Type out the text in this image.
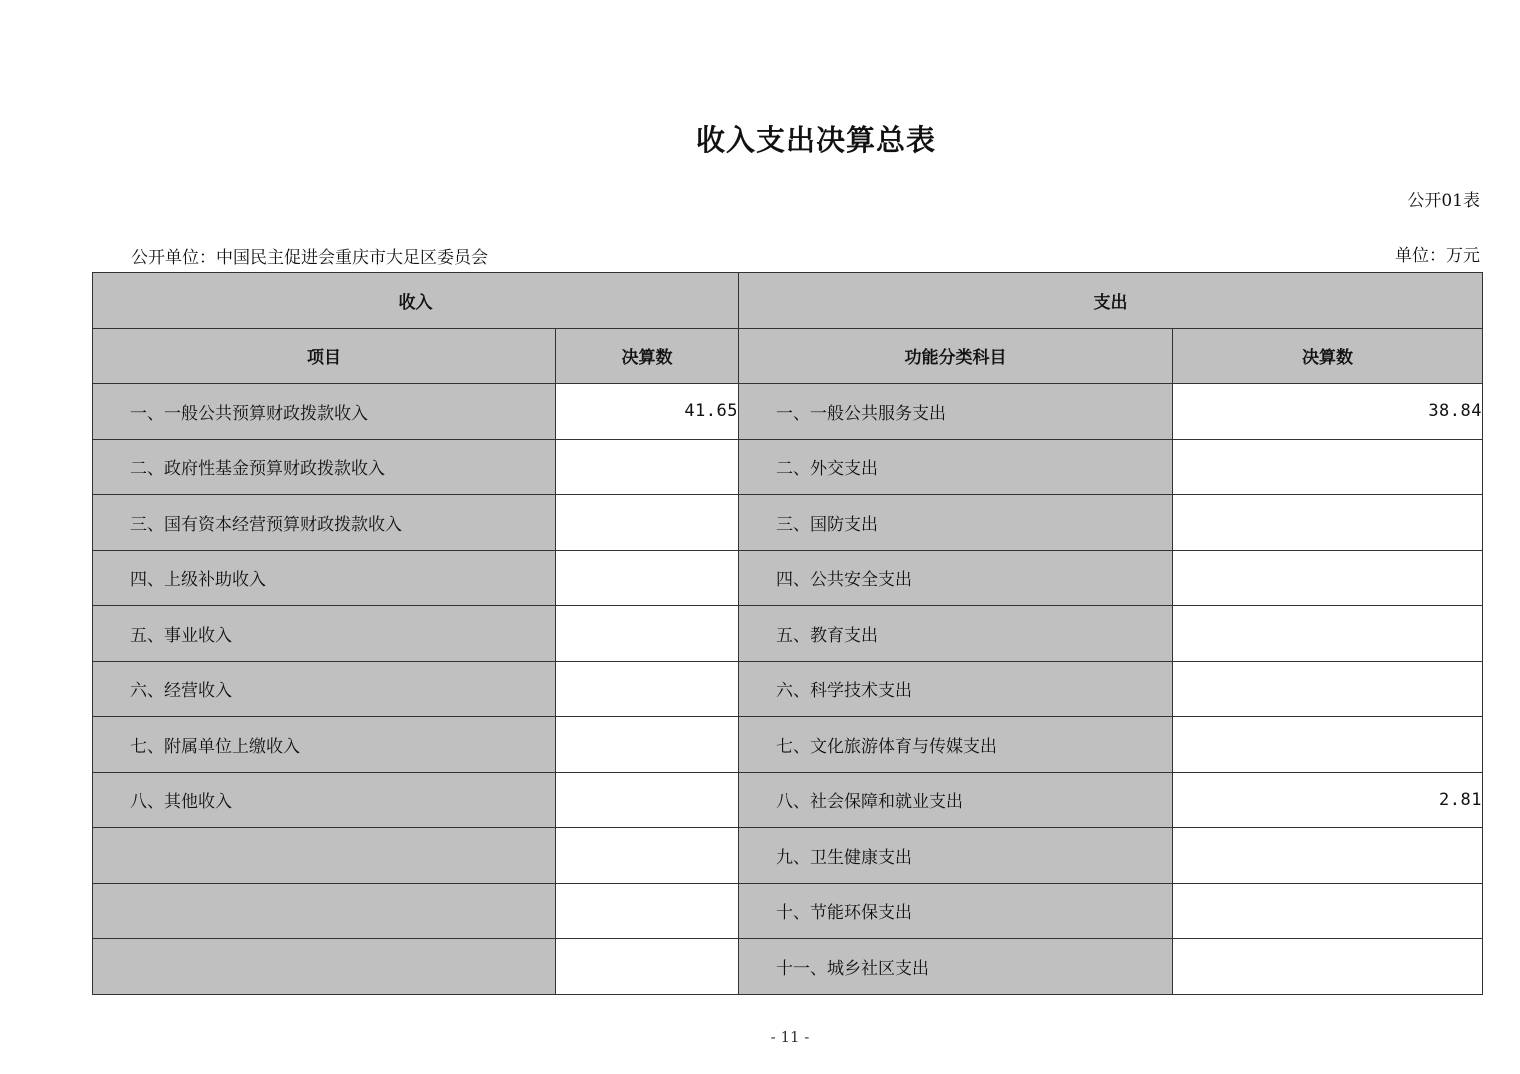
收入支出决算总表
公开01表
公开单位：中国民主促进会重庆市大足区委员会	单位：万元
收入		支出	
项目	决算数	功能分类科目	决算数
一、一般公共预算财政拨款收入	41.65	一、一般公共服务支出	38.84
二、政府性基金预算财政拨款收入		二、外交支出	
三、国有资本经营预算财政拨款收入		三、国防支出	
四、上级补助收入		四、公共安全支出	
五、事业收入		五、教育支出	
六、经营收入		六、科学技术支出	
七、附属单位上缴收入		七、文化旅游体育与传媒支出	
八、其他收入		八、社会保障和就业支出	2.81
		九、卫生健康支出	
		十、节能环保支出	
		十一、城乡社区支出	
- 11 -
